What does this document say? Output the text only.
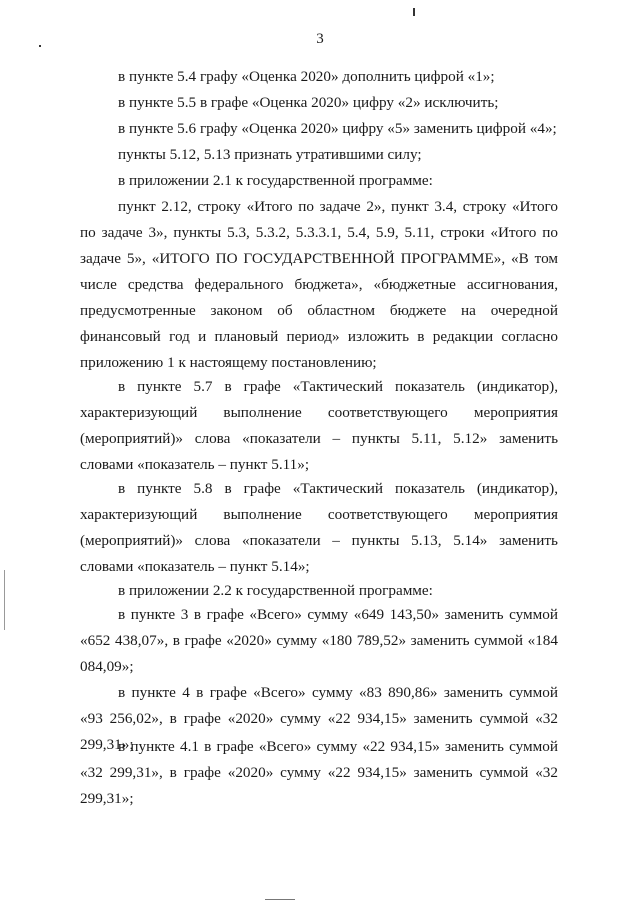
3

в пункте 5.4 графу «Оценка 2020» дополнить цифрой «1»;

в пункте 5.5 в графе «Оценка 2020» цифру «2» исключить;

в пункте 5.6 графу «Оценка 2020» цифру «5» заменить цифрой «4»;

пункты 5.12, 5.13 признать утратившими силу;

в приложении 2.1 к государственной программе:

пункт 2.12, строку «Итого по задаче 2», пункт 3.4, строку «Итого по задаче 3», пункты 5.3, 5.3.2, 5.3.3.1, 5.4, 5.9, 5.11, строки «Итого по задаче 5», «ИТОГО ПО ГОСУДАРСТВЕННОЙ ПРОГРАММЕ», «В том числе средства федерального бюджета», «бюджетные ассигнования, предусмотренные законом об областном бюджете на очередной финансовый год и плановый период» изложить в редакции согласно приложению 1 к настоящему постановлению;

в пункте 5.7 в графе «Тактический показатель (индикатор), характеризующий выполнение соответствующего мероприятия (мероприятий)» слова «показатели – пункты 5.11, 5.12» заменить словами «показатель – пункт 5.11»;

в пункте 5.8 в графе «Тактический показатель (индикатор), характеризующий выполнение соответствующего мероприятия (мероприятий)» слова «показатели – пункты 5.13, 5.14» заменить словами «показатель – пункт 5.14»;

в приложении 2.2 к государственной программе:

в пункте 3 в графе «Всего» сумму «649 143,50» заменить суммой «652 438,07», в графе «2020» сумму «180 789,52» заменить суммой «184 084,09»;

в пункте 4 в графе «Всего» сумму «83 890,86» заменить суммой «93 256,02», в графе «2020» сумму «22 934,15» заменить суммой «32 299,31»;

в пункте 4.1 в графе «Всего» сумму «22 934,15» заменить суммой «32 299,31», в графе «2020» сумму «22 934,15» заменить суммой «32 299,31»;
